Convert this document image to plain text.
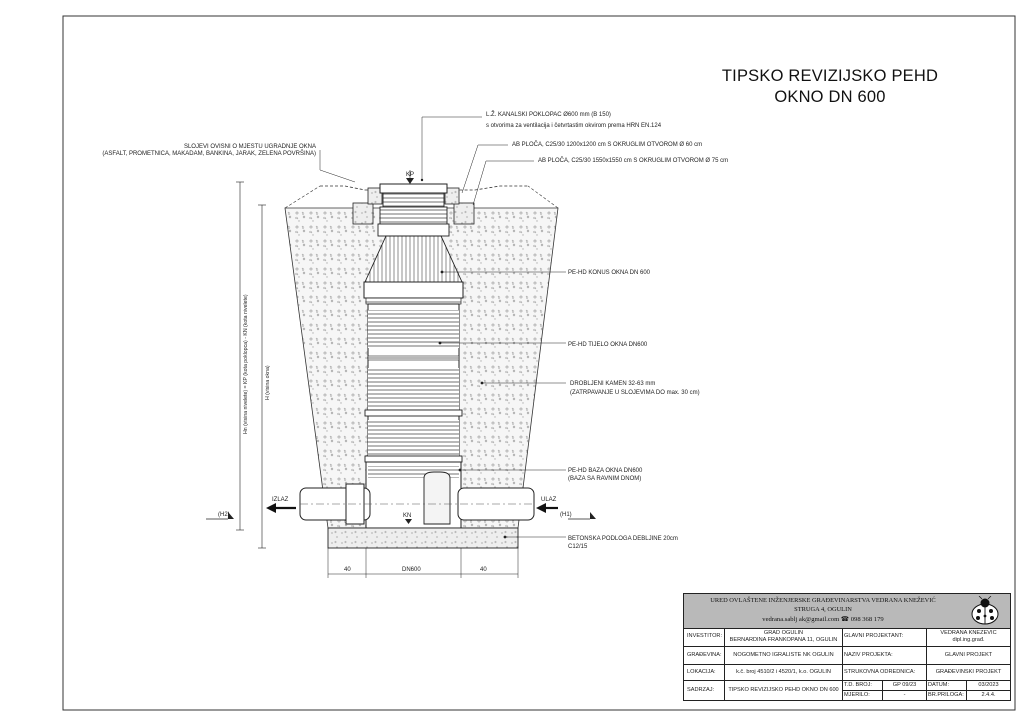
L.Ž. KANALSKI POKLOPAC Ø600 mm (B 150)
s otvorima za ventilacija i četvrtastim okvirom prema HRN EN.124
AB PLOČA, C25/30 1200x1200 cm S OKRUGLIM OTVOROM Ø 60 cm
AB PLOČA, C25/30 1550x1550 cm S OKRUGLIM OTVOROM Ø 75 cm
SLOJEVI OVISNI O MJESTU UGRADNJE OKNA
(ASFALT, PROMETNICA, MAKADAM, BANKINA, JARAK, ZELENA POVRŠINA)
PE-HD KONUS OKNA DN 600
PE-HD TIJELO OKNA DN600
DROBLJENI KAMEN 32-63 mm
(ZATRPAVANJE U SLOJEVIMA DO max. 30 cm)
PE-HD BAZA OKNA DN600
(BAZA SA RAVNIM DNOM)
BETONSKA PODLOGA DEBLJINE 20cm
C12/15
KP
KN
IZLAZ	ULAZ
(H2)	(H1)
40	DN600	40
Hn (visina nivelete) = KP (kota poklopca) - KN (kota nivelete)	H (visina okna)
TIPSKO REVIZIJSKO PEHD
OKNO DN 600
URED OVLAŠTENE INŽENJERSKE GRAĐEVINARSTVA VEDRANA KNEŽEVIĆ
STRUGA 4, OGULIN
vedrana.sablj ak@gmail.com ☎ 098 368 179
INVESTITOR:	GRAD OGULIN
BERNARDINA FRANKOPANA 11, OGULIN
GLAVNI PROJEKTANT:	VEDRANA KNEŽEVIĆ
dipl.ing.građ.
GRAĐEVINA:	NOGOMETNO IGRALIŠTE NK OGULIN	NAZIV PROJEKTA:	GLAVNI PROJEKT
LOKACIJA:	k.č. broj 4510/2 i 4520/1, k.o. OGULIN	STRUKOVNA ODREDNICA:	GRAĐEVINSKI PROJEKT
SADRŽAJ:	TIPSKO REVIZIJSKO PEHD OKNO DN 600
T.D. BROJ:	GP 09/23	DATUM:	03/2023
MJERILO:	-	BR.PRILOGA:	2.4.4.
